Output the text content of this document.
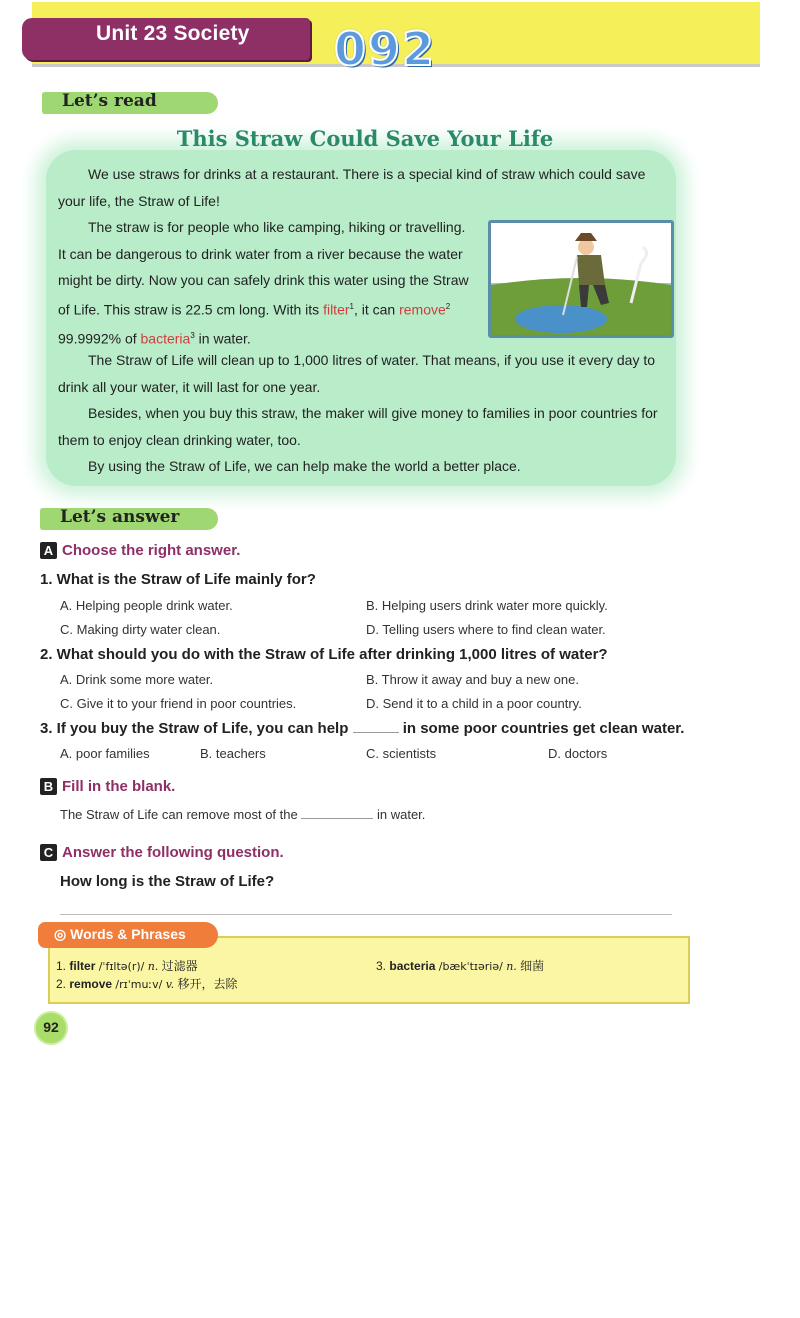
Unit 23 Society 092
Let’s read
This Straw Could Save Your Life

We use straws for drinks at a restaurant. There is a special kind of straw which could save your life, the Straw of Life!

The straw is for people who like camping, hiking or travelling. It can be dangerous to drink water from a river because the water might be dirty. Now you can safely drink this water using the Straw of Life. This straw is 22.5 cm long. With its filter$^1$, it can remove$^2$ 99.9992% of bacteria$^3$ in water.

The Straw of Life will clean up to 1,000 litres of water. That means, if you use it every day to drink all your water, it will last for one year.

Besides, when you buy this straw, the maker will give money to families in poor countries for them to enjoy clean drinking water, too.

By using the Straw of Life, we can help make the world a better place.

Let’s answer
A Choose the right answer.
1. What is the Straw of Life mainly for?
A. Helping people drink water.	B. Helping users drink water more quickly.
C. Making dirty water clean.	D. Telling users where to find clean water.
2. What should you do with the Straw of Life after drinking 1,000 litres of water?
A. Drink some more water.	B. Throw it away and buy a new one.
C. Give it to your friend in poor countries.	D. Send it to a child in a poor country.
3. If you buy the Straw of Life, you can help	in some poor countries get clean water.
A. poor families	B. teachers	C. scientists	D. doctors
B Fill in the blank.
The Straw of Life can remove most of the	in water.
C Answer the following question.
How long is the Straw of Life?
◎ Words & Phrases
1. filter /ˈfɪltə(r)/ n. 过滤器
2. remove /rɪˈmuːv/ v. 移开，去除
3. bacteria /bækˈtɪəriə/ n. 细菌
92
